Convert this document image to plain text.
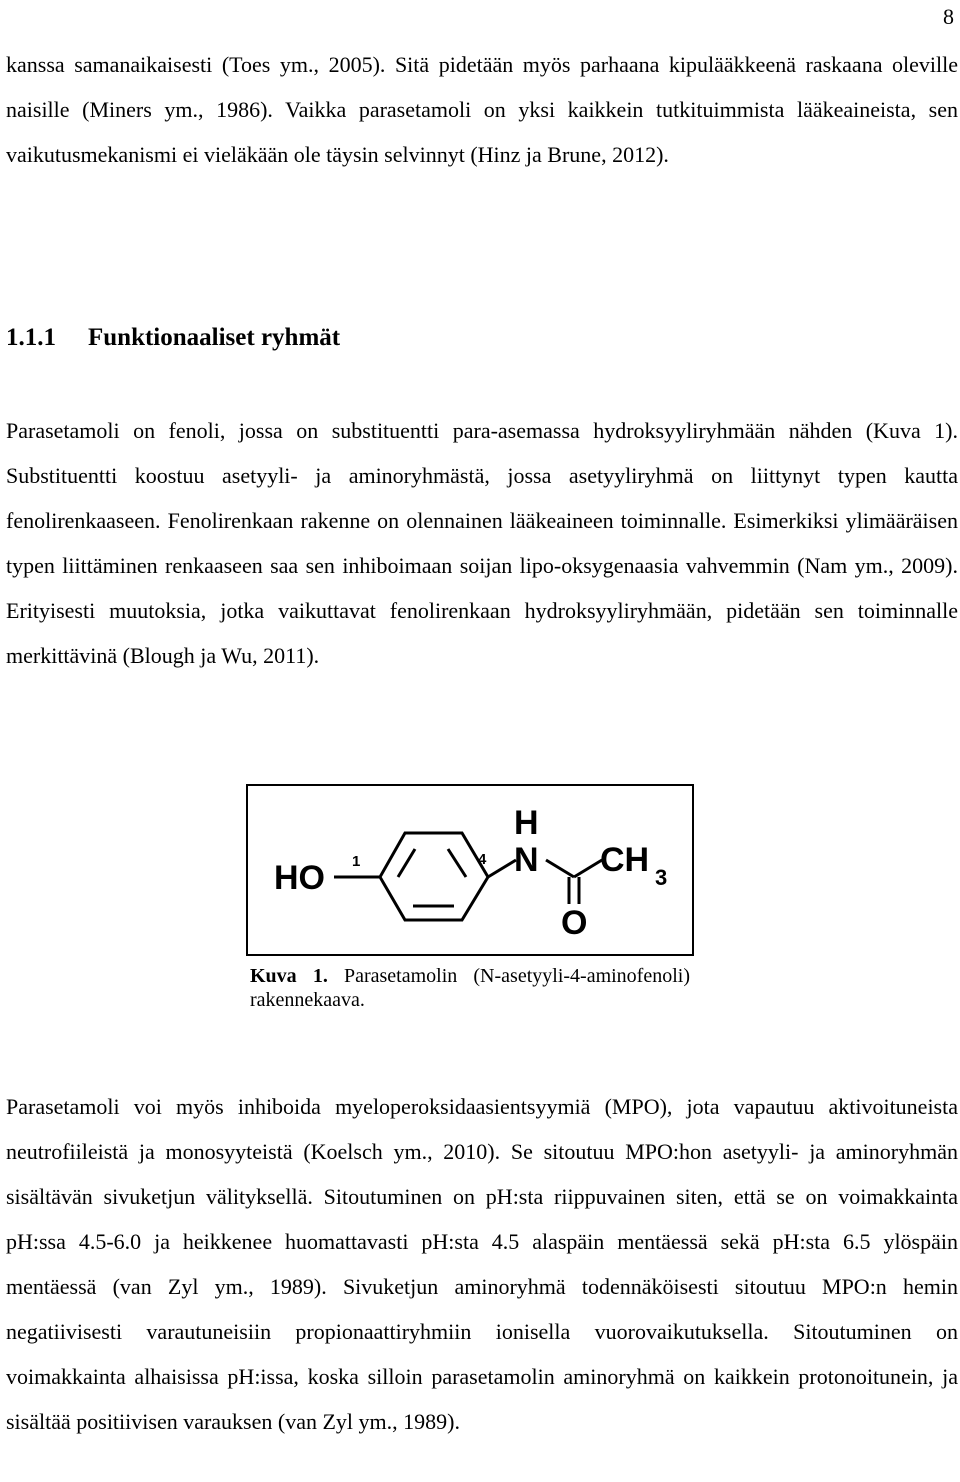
8

kanssa samanaikaisesti (Toes ym., 2005). Sitä pidetään myös parhaana kipulääkkeenä raskaana oleville naisille (Miners ym., 1986). Vaikka parasetamoli on yksi kaikkein tutkituimmista lääkeaineista, sen vaikutusmekanismi ei vieläkään ole täysin selvinnyt (Hinz ja Brune, 2012).

1.1.1 Funktionaaliset ryhmät

Parasetamoli on fenoli, jossa on substituentti para-asemassa hydroksyyliryhmään nähden (Kuva 1). Substituentti koostuu asetyyli- ja aminoryhmästä, jossa asetyyliryhmä on liittynyt typen kautta fenolirenkaaseen. Fenolirenkaan rakenne on olennainen lääkeaineen toiminnalle. Esimerkiksi ylimääräisen typen liittäminen renkaaseen saa sen inhiboimaan soijan lipo-oksygenaasia vahvemmin (Nam ym., 2009). Erityisesti muutoksia, jotka vaikuttavat fenolirenkaan hydroksyyliryhmään, pidetään sen toiminnalle merkittävinä (Blough ja Wu, 2011).

HO 1	4
H
N
O
CH 3
Kuva 1. Parasetamolin (N-asetyyli-4-aminofenoli) rakennekaava.

Parasetamoli voi myös inhiboida myeloperoksidaasientsyymiä (MPO), jota vapautuu aktivoituneista neutrofiileistä ja monosyyteistä (Koelsch ym., 2010). Se sitoutuu MPO:hon asetyyli- ja aminoryhmän sisältävän sivuketjun välityksellä. Sitoutuminen on pH:sta riippuvainen siten, että se on voimakkainta pH:ssa 4.5-6.0 ja heikkenee huomattavasti pH:sta 4.5 alaspäin mentäessä sekä pH:sta 6.5 ylöspäin mentäessä (van Zyl ym., 1989). Sivuketjun aminoryhmä todennäköisesti sitoutuu MPO:n hemin negatiivisesti varautuneisiin propionaattiryhmiin ionisella vuorovaikutuksella. Sitoutuminen on voimakkainta alhaisissa pH:issa, koska silloin parasetamolin aminoryhmä on kaikkein protonoitunein, ja sisältää positiivisen varauksen (van Zyl ym., 1989).
